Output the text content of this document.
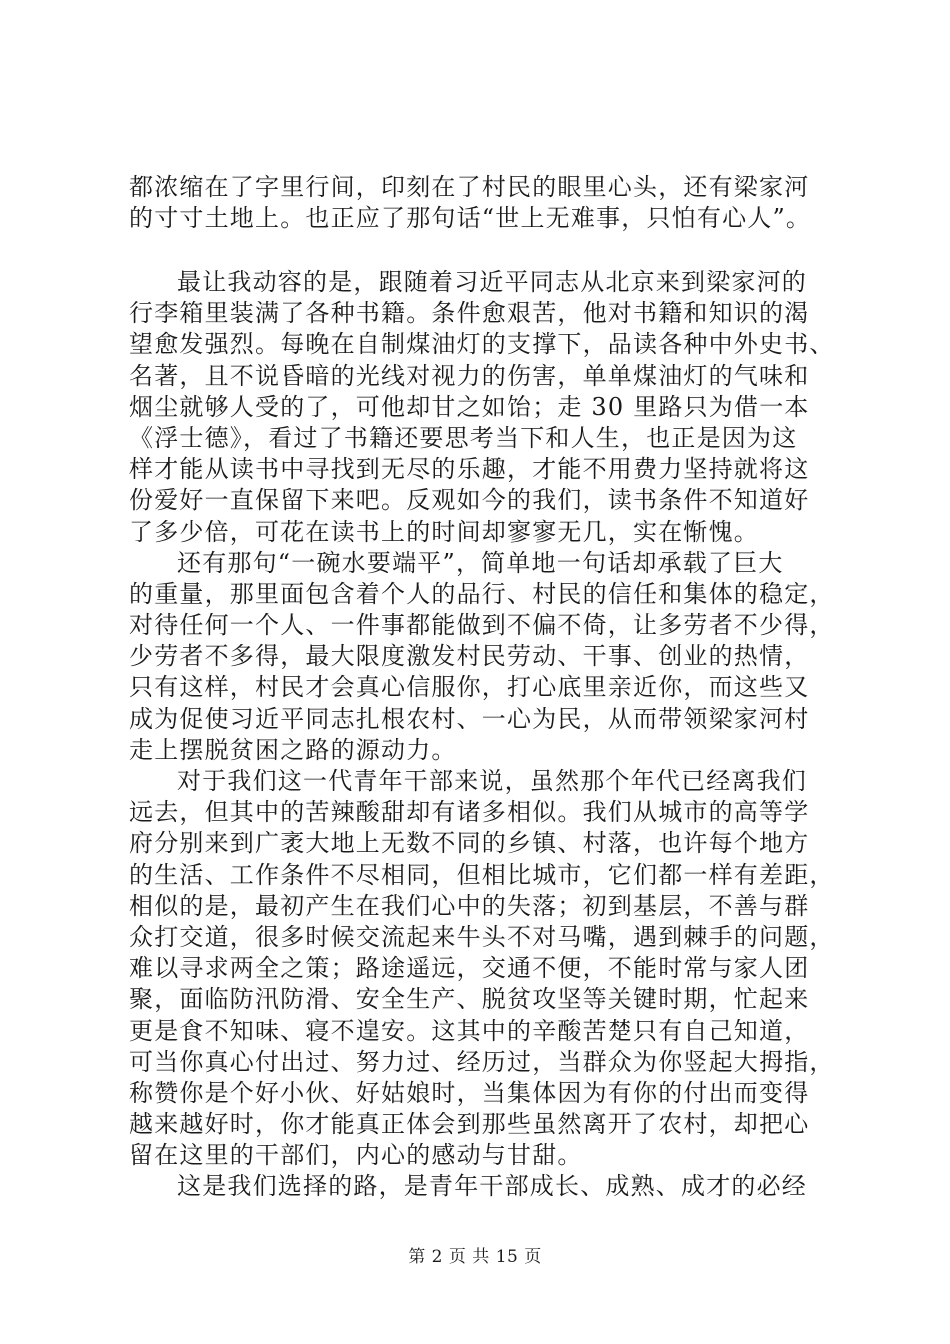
都浓缩在了字里行间，印刻在了村民的眼里心头，还有梁家河
的寸寸土地上。也正应了那句话“世上无难事，只怕有心人”。
最让我动容的是，跟随着习近平同志从北京来到梁家河的
行李箱里装满了各种书籍。条件愈艰苦，他对书籍和知识的渴
望愈发强烈。每晚在自制煤油灯的支撑下，品读各种中外史书、
名著，且不说昏暗的光线对视力的伤害，单单煤油灯的气味和
烟尘就够人受的了，可他却甘之如饴；走 30 里路只为借一本
《浮士德》，看过了书籍还要思考当下和人生，也正是因为这
样才能从读书中寻找到无尽的乐趣，才能不用费力坚持就将这
份爱好一直保留下来吧。反观如今的我们，读书条件不知道好
了多少倍，可花在读书上的时间却寥寥无几，实在惭愧。
还有那句“一碗水要端平”，简单地一句话却承载了巨大
的重量，那里面包含着个人的品行、村民的信任和集体的稳定，
对待任何一个人、一件事都能做到不偏不倚，让多劳者不少得，
少劳者不多得，最大限度激发村民劳动、干事、创业的热情，
只有这样，村民才会真心信服你，打心底里亲近你，而这些又
成为促使习近平同志扎根农村、一心为民，从而带领梁家河村
走上摆脱贫困之路的源动力。
对于我们这一代青年干部来说，虽然那个年代已经离我们
远去，但其中的苦辣酸甜却有诸多相似。我们从城市的高等学
府分别来到广袤大地上无数不同的乡镇、村落，也许每个地方
的生活、工作条件不尽相同，但相比城市，它们都一样有差距，
相似的是，最初产生在我们心中的失落；初到基层，不善与群
众打交道，很多时候交流起来牛头不对马嘴，遇到棘手的问题，
难以寻求两全之策；路途遥远，交通不便，不能时常与家人团
聚，面临防汛防滑、安全生产、脱贫攻坚等关键时期，忙起来
更是食不知味、寝不遑安。这其中的辛酸苦楚只有自己知道，
可当你真心付出过、努力过、经历过，当群众为你竖起大拇指，
称赞你是个好小伙、好姑娘时，当集体因为有你的付出而变得
越来越好时，你才能真正体会到那些虽然离开了农村，却把心
留在这里的干部们，内心的感动与甘甜。
这是我们选择的路，是青年干部成长、成熟、成才的必经
第 2 页 共 15 页
